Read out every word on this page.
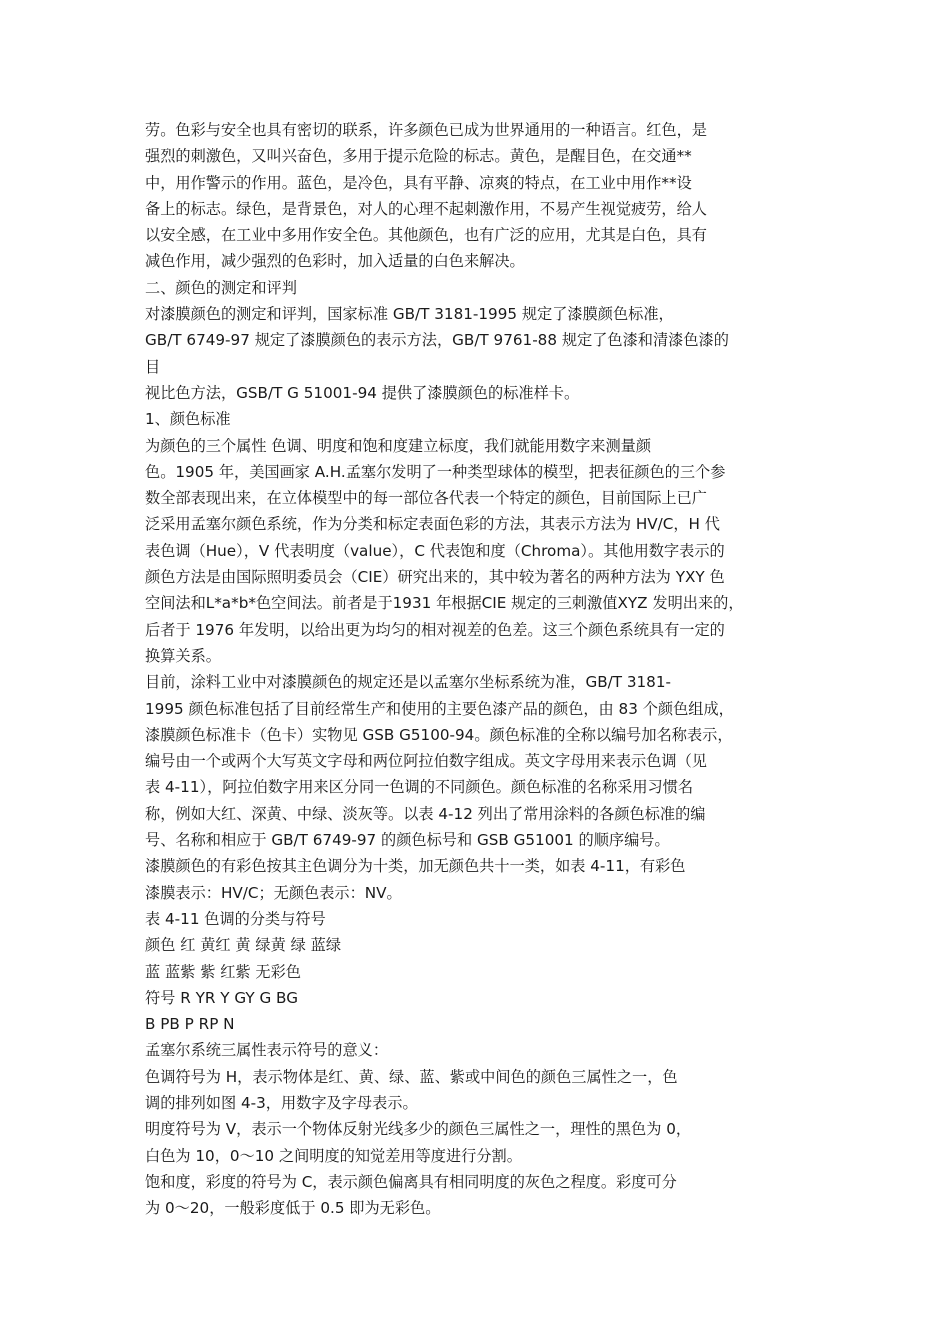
劳。色彩与安全也具有密切的联系，许多颜色已成为世界通用的一种语言。红色，是
强烈的刺激色，又叫兴奋色，多用于提示危险的标志。黄色，是醒目色，在交通**
中，用作警示的作用。蓝色，是冷色，具有平静、凉爽的特点，在工业中用作**设
备上的标志。绿色，是背景色，对人的心理不起刺激作用，不易产生视觉疲劳，给人
以安全感，在工业中多用作安全色。其他颜色，也有广泛的应用，尤其是白色，具有
减色作用，减少强烈的色彩时，加入适量的白色来解决。
二、颜色的测定和评判
对漆膜颜色的测定和评判，国家标准 GB/T 3181-1995 规定了漆膜颜色标准，
GB/T 6749-97 规定了漆膜颜色的表示方法，GB/T 9761-88 规定了色漆和清漆色漆的
目
视比色方法，GSB/T G 51001-94 提供了漆膜颜色的标准样卡。
1、颜色标准
为颜色的三个属性 色调、明度和饱和度建立标度，我们就能用数字来测量颜
色。1905 年，美国画家 A.H.孟塞尔发明了一种类型球体的模型，把表征颜色的三个参
数全部表现出来，在立体模型中的每一部位各代表一个特定的颜色，目前国际上已广
泛采用孟塞尔颜色系统，作为分类和标定表面色彩的方法，其表示方法为 HV/C，H 代
表色调（Hue），V 代表明度（value），C 代表饱和度（Chroma）。其他用数字表示的
颜色方法是由国际照明委员会（CIE）研究出来的，其中较为著名的两种方法为 YXY 色
空间法和L*a*b*色空间法。前者是于1931 年根据CIE 规定的三刺激值XYZ 发明出来的，
后者于 1976 年发明，以给出更为均匀的相对视差的色差。这三个颜色系统具有一定的
换算关系。
目前，涂料工业中对漆膜颜色的规定还是以孟塞尔坐标系统为准，GB/T 3181-
1995 颜色标准包括了目前经常生产和使用的主要色漆产品的颜色，由 83 个颜色组成，
漆膜颜色标准卡（色卡）实物见 GSB G5100-94。颜色标准的全称以编号加名称表示，
编号由一个或两个大写英文字母和两位阿拉伯数字组成。英文字母用来表示色调（见
表 4-11），阿拉伯数字用来区分同一色调的不同颜色。颜色标准的名称采用习惯名
称，例如大红、深黄、中绿、淡灰等。以表 4-12 列出了常用涂料的各颜色标准的编
号、名称和相应于 GB/T 6749-97 的颜色标号和 GSB G51001 的顺序编号。
漆膜颜色的有彩色按其主色调分为十类，加无颜色共十一类，如表 4-11，有彩色
漆膜表示：HV/C；无颜色表示：NV。
表 4-11 色调的分类与符号
颜色 红 黄红 黄 绿黄 绿 蓝绿
蓝 蓝紫 紫 红紫 无彩色
符号 R YR Y GY G BG
B PB P RP N
孟塞尔系统三属性表示符号的意义：
色调符号为 H，表示物体是红、黄、绿、蓝、紫或中间色的颜色三属性之一，色
调的排列如图 4-3，用数字及字母表示。
明度符号为 V，表示一个物体反射光线多少的颜色三属性之一，理性的黑色为 0，
白色为 10，0～10 之间明度的知觉差用等度进行分割。
饱和度，彩度的符号为 C，表示颜色偏离具有相同明度的灰色之程度。彩度可分
为 0～20，一般彩度低于 0.5 即为无彩色。
